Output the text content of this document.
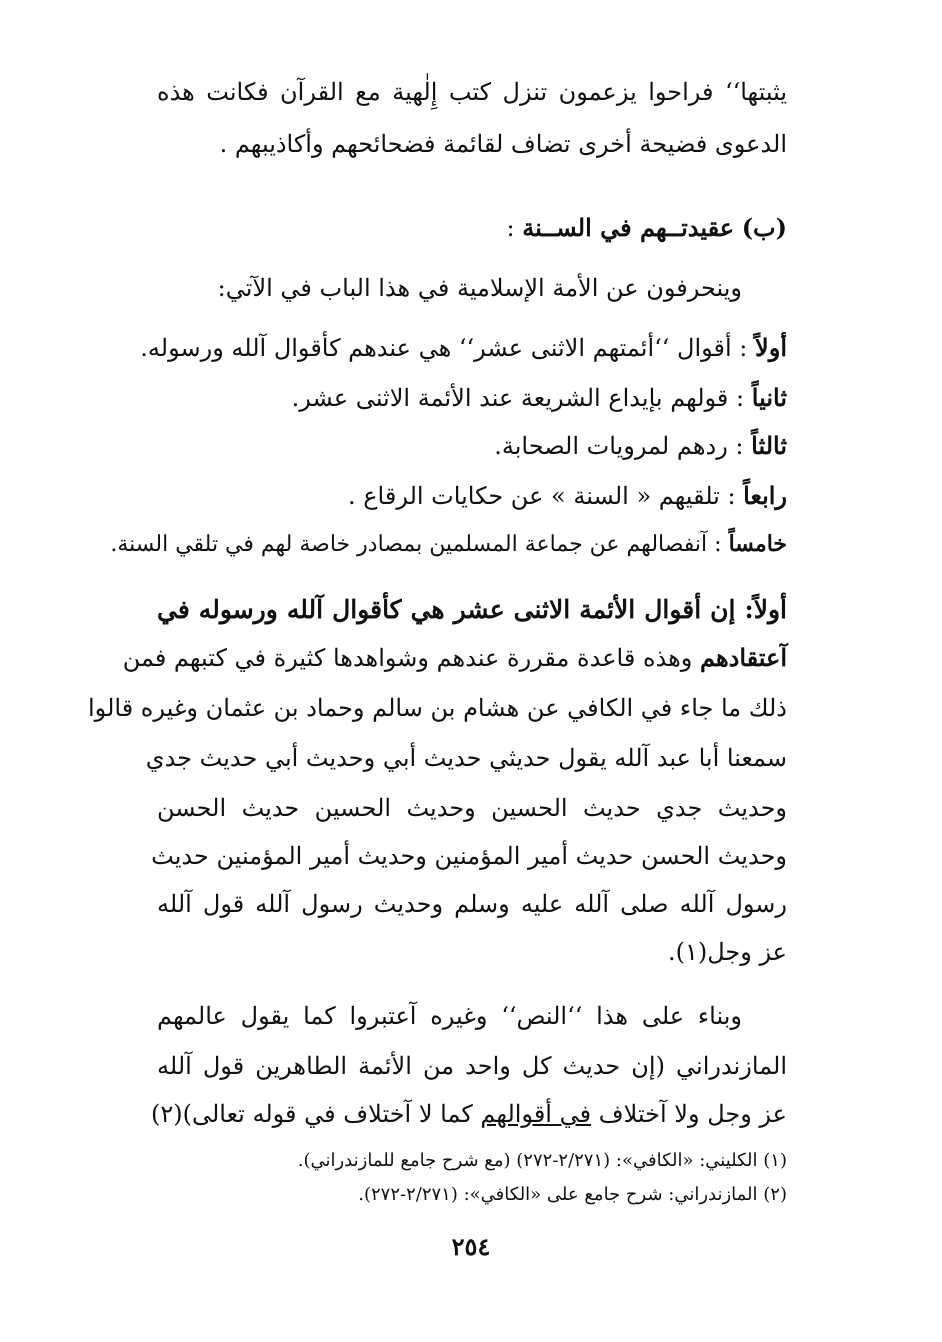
يثبتها‘‘ فراحوا يزعمون تنزل كتب إِلٰهية مع القرآن فكانت هذه
الدعوى فضيحة أخرى تضاف لقائمة فضحائحهم وأكاذيبهم .
(ب) عقيدتــهم في الســنة :
وينحرفون عن الأمة الإسلامية في هذا الباب في الآتي:
أولاً : أقوال ‘‘أئمتهم الاثنى عشر‘‘ هي عندهم كأقوال آلله ورسوله.
ثانياً : قولهم بإيداع الشريعة عند الأئمة الاثنى عشر.
ثالثاً : ردهم لمرويات الصحابة.
رابعاً : تلقيهم « السنة » عن حكايات الرقاع .
خامساً : آنفصالهم عن جماعة المسلمين بمصادر خاصة لهم في تلقي السنة.
أولاً: إن أقوال الأئمة الاثنى عشر هي كأقوال آلله ورسوله في
آعتقادهم وهذه قاعدة مقررة عندهم وشواهدها كثيرة في كتبهم فمن
ذلك ما جاء في الكافي عن هشام بن سالم وحماد بن عثمان وغيره قالوا
سمعنا أبا عبد آلله يقول حديثي حديث أبي وحديث أبي حديث جدي
وحديث جدي حديث الحسين وحديث الحسين حديث الحسن
وحديث الحسن حديث أمير المؤمنين وحديث أمير المؤمنين حديث
رسول آلله صلى آلله عليه وسلم وحديث رسول آلله قول آلله
عز وجل(١).
وبناء على هذا ‘‘النص‘‘ وغيره آعتبروا كما يقول عالمهم
المازندراني (إن حديث كل واحد من الأئمة الطاهرين قول آلله
عز وجل ولا آختلاف في أقوالهم كما لا آختلاف في قوله تعالى)(٢)
(١) الكليني: «الكافي»: (٢/٢٧١-٢٧٢) (مع شرح جامع للمازندراني).
(٢) المازندراني: شرح جامع على «الكافي»: (٢/٢٧١-٢٧٢).
٢٥٤
